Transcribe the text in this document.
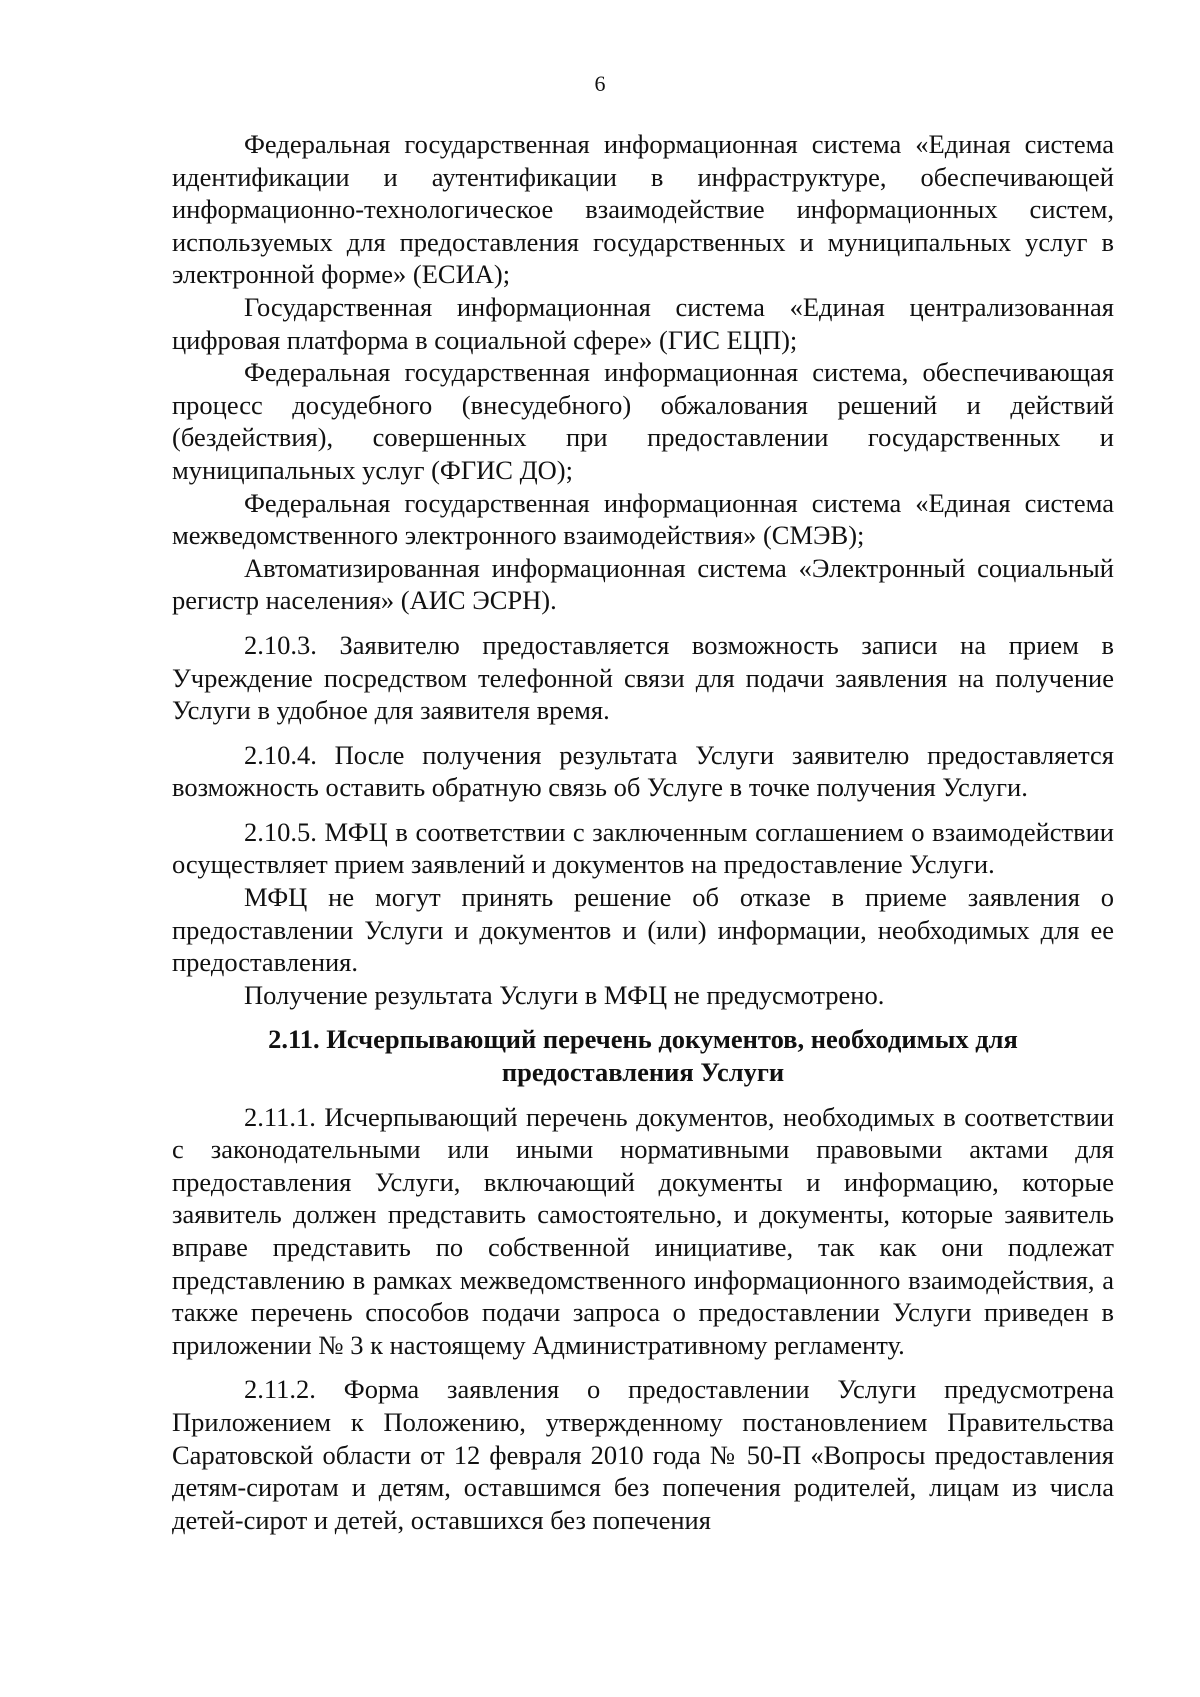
6

Федеральная государственная информационная система «Единая система идентификации и аутентификации в инфраструктуре, обеспечивающей информационно-технологическое взаимодействие информационных систем, используемых для предоставления государственных и муниципальных услуг в электронной форме» (ЕСИА);

Государственная информационная система «Единая централизованная цифровая платформа в социальной сфере» (ГИС ЕЦП);

Федеральная государственная информационная система, обеспечивающая процесс досудебного (внесудебного) обжалования решений и действий (бездействия), совершенных при предоставлении государственных и муниципальных услуг (ФГИС ДО);

Федеральная государственная информационная система «Единая система межведомственного электронного взаимодействия» (СМЭВ);

Автоматизированная информационная система «Электронный социальный регистр населения» (АИС ЭСРН).

2.10.3. Заявителю предоставляется возможность записи на прием в Учреждение посредством телефонной связи для подачи заявления на получение Услуги в удобное для заявителя время.

2.10.4. После получения результата Услуги заявителю предоставляется возможность оставить обратную связь об Услуге в точке получения Услуги.

2.10.5. МФЦ в соответствии с заключенным соглашением о взаимодействии осуществляет прием заявлений и документов на предоставление Услуги.

МФЦ не могут принять решение об отказе в приеме заявления о предоставлении Услуги и документов и (или) информации, необходимых для ее предоставления.

Получение результата Услуги в МФЦ не предусмотрено.

2.11. Исчерпывающий перечень документов, необходимых для
предоставления Услуги

2.11.1. Исчерпывающий перечень документов, необходимых в соответствии с законодательными или иными нормативными правовыми актами для предоставления Услуги, включающий документы и информацию, которые заявитель должен представить самостоятельно, и документы, которые заявитель вправе представить по собственной инициативе, так как они подлежат представлению в рамках межведомственного информационного взаимодействия, а также перечень способов подачи запроса о предоставлении Услуги приведен в приложении № 3 к настоящему Административному регламенту.

2.11.2. Форма заявления о предоставлении Услуги предусмотрена Приложением к Положению, утвержденному постановлением Правительства Саратовской области от 12 февраля 2010 года № 50-П «Вопросы предоставления детям-сиротам и детям, оставшимся без попечения родителей, лицам из числа детей-сирот и детей, оставшихся без попечения
